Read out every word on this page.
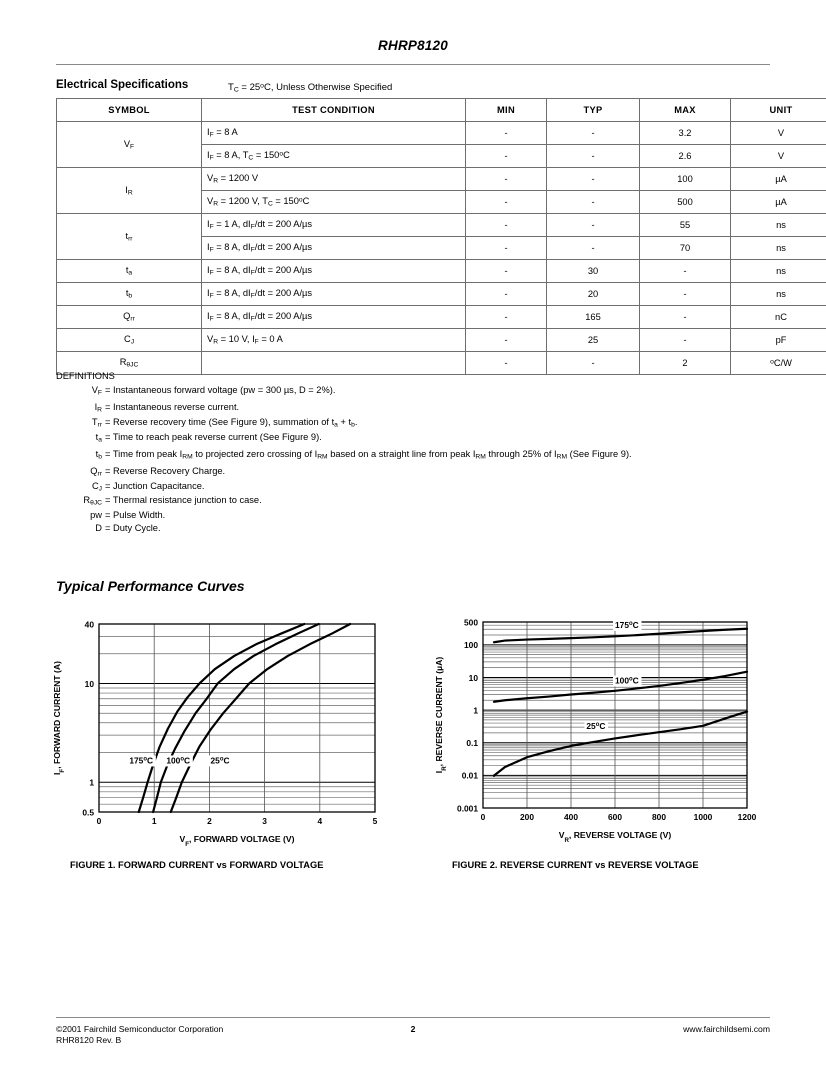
RHRP8120
Electrical Specifications	$T_C = 25^oC$, Unless Otherwise Specified
SYMBOL	TEST CONDITION	MIN	TYP	MAX	UNIT
$V_F$	$I_F = 8$ A	-	-	3.2	V
	$I_F = 8$ A, $T_C = 150^oC$	-	-	2.6	V
$I_R$	$V_R = 1200$ V	-	-	100	µA
	$V_R = 1200$ V, $T_C = 150^oC$	-	-	500	µA
$t_{rr}$	$I_F = 1$ A, $dI_F/dt = 200$ A/µs	-	-	55	ns
	$I_F = 8$ A, $dI_F/dt = 200$ A/µs	-	-	70	ns
$t_a$	$I_F = 8$ A, $dI_F/dt = 200$ A/µs	-	30	-	ns
$t_b$	$I_F = 8$ A, $dI_F/dt = 200$ A/µs	-	20	-	ns
$Q_{rr}$	$I_F = 8$ A, $dI_F/dt = 200$ A/µs	-	165	-	nC
$C_J$	$V_R = 10$ V, $I_F = 0$ A	-	25	-	pF
$R_{\theta JC}$		-	-	2	$^o$C/W
DEFINITIONS
$V_F$ = Instantaneous forward voltage (pw = 300 µs, D = 2%).
$I_R$ = Instantaneous reverse current.
$T_{rr}$ = Reverse recovery time (See Figure 9), summation of $t_a + t_b$.
$t_a$ = Time to reach peak reverse current (See Figure 9).
$t_b$ = Time from peak $I_{RM}$ to projected zero crossing of $I_{RM}$ based on a straight line from peak $I_{RM}$ through 25% of $I_{RM}$ (See Figure 9).
$Q_{rr}$ = Reverse Recovery Charge.
$C_J$ = Junction Capacitance.
$R_{\theta JC}$ = Thermal resistance junction to case.
pw = Pulse Width.
D = Duty Cycle.
Typical Performance Curves
0.5
1
10
40
0	1	2	3	4	5
175$^o$C 100$^o$C 25$^o$C
$V_F$, FORWARD VOLTAGE (V)
$I_F$, FORWARD CURRENT (A)
FIGURE 1. FORWARD CURRENT vs FORWARD VOLTAGE
0.001
0.01
0.1
1
10
100
500
0	200	400	600	800	1000	1200
175$^o$C
100$^o$C
25$^o$C
$V_R$, REVERSE VOLTAGE (V)
$I_R$, REVERSE CURRENT (µA)
FIGURE 2. REVERSE CURRENT vs REVERSE VOLTAGE
©2001 Fairchild Semiconductor Corporation
RHR8120 Rev. B
2	www.fairchildsemi.com
